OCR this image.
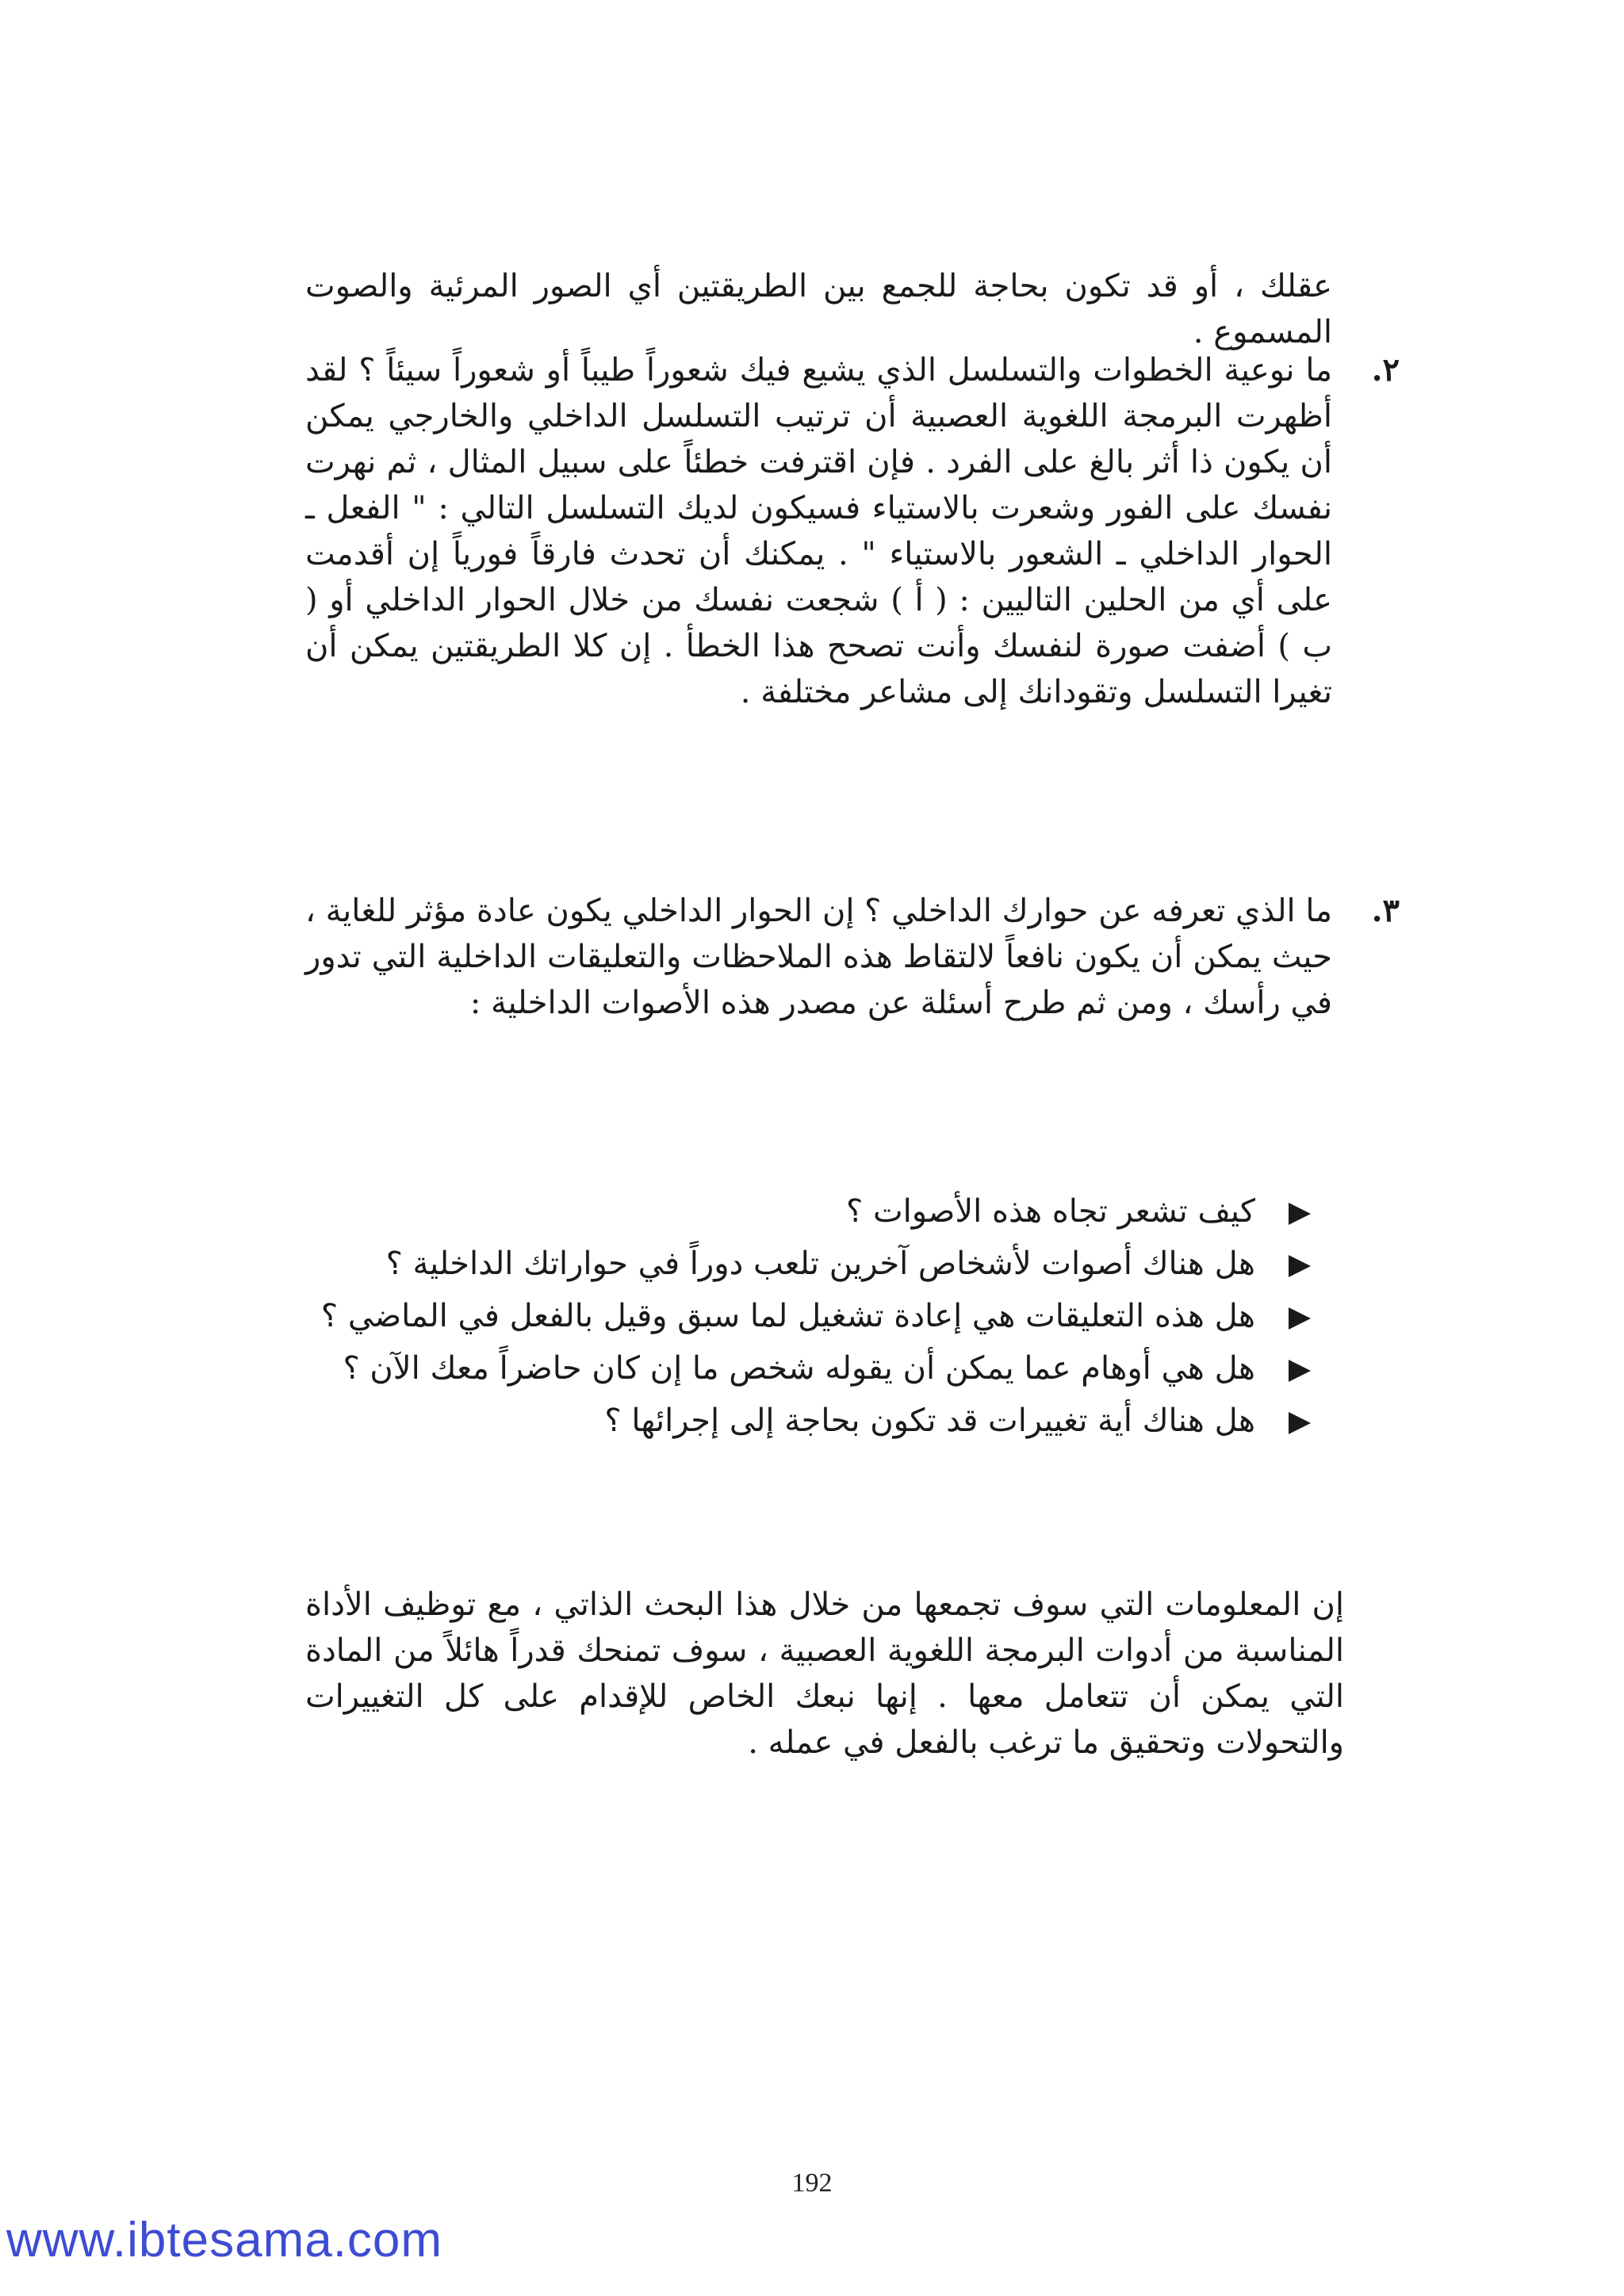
عقلك ، أو قد تكون بحاجة للجمع بين الطريقتين أي الصور المرئية والصوت المسموع .

٢.
ما نوعية الخطوات والتسلسل الذي يشيع فيك شعوراً طيباً أو شعوراً سيئاً ؟ لقد أظهرت البرمجة اللغوية العصبية أن ترتيب التسلسل الداخلي والخارجي يمكن أن يكون ذا أثر بالغ على الفرد . فإن اقترفت خطئاً على سبيل المثال ، ثم نهرت نفسك على الفور وشعرت بالاستياء فسيكون لديك التسلسل التالي : " الفعل ـ الحوار الداخلي ـ الشعور بالاستياء " . يمكنك أن تحدث فارقاً فورياً إن أقدمت على أي من الحلين التاليين : ( أ ) شجعت نفسك من خلال الحوار الداخلي أو ( ب ) أضفت صورة لنفسك وأنت تصحح هذا الخطأ . إن كلا الطريقتين يمكن أن تغيرا التسلسل وتقودانك إلى مشاعر مختلفة .
٣.
ما الذي تعرفه عن حوارك الداخلي ؟ إن الحوار الداخلي يكون عادة مؤثر للغاية ، حيث يمكن أن يكون نافعاً لالتقاط هذه الملاحظات والتعليقات الداخلية التي تدور في رأسك ، ومن ثم طرح أسئلة عن مصدر هذه الأصوات الداخلية :
كيف تشعر تجاه هذه الأصوات ؟
هل هناك أصوات لأشخاص آخرين تلعب دوراً في حواراتك الداخلية ؟
هل هذه التعليقات هي إعادة تشغيل لما سبق وقيل بالفعل في الماضي ؟
هل هي أوهام عما يمكن أن يقوله شخص ما إن كان حاضراً معك الآن ؟
هل هناك أية تغييرات قد تكون بحاجة إلى إجرائها ؟

إن المعلومات التي سوف تجمعها من خلال هذا البحث الذاتي ، مع توظيف الأداة المناسبة من أدوات البرمجة اللغوية العصبية ، سوف تمنحك قدراً هائلاً من المادة التي يمكن أن تتعامل معها . إنها نبعك الخاص للإقدام على كل التغييرات والتحولات وتحقيق ما ترغب بالفعل في عمله .

192
www.ibtesama.com
